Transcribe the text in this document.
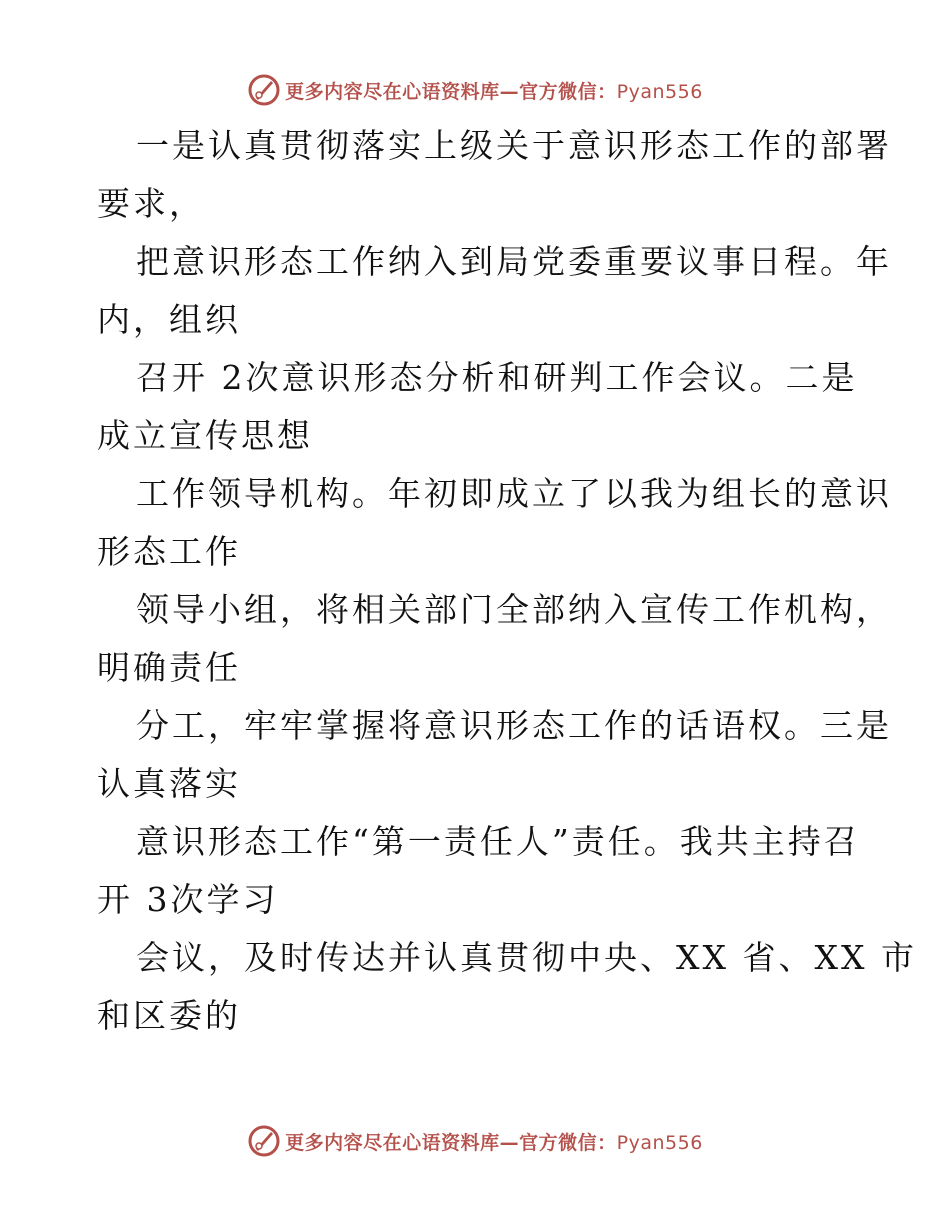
更多内容尽在心语资料库—官方微信：Pyan556
一是认真贯彻落实上级关于意识形态工作的部署
要求，
把意识形态工作纳入到局党委重要议事日程。年
内，组织
召开 2次意识形态分析和研判工作会议。二是
成立宣传思想
工作领导机构。年初即成立了以我为组长的意识
形态工作
领导小组，将相关部门全部纳入宣传工作机构，
明确责任
分工，牢牢掌握将意识形态工作的话语权。三是
认真落实
意识形态工作“第一责任人”责任。我共主持召
开 3次学习
会议，及时传达并认真贯彻中央、XX 省、XX 市
和区委的
更多内容尽在心语资料库—官方微信：Pyan556
